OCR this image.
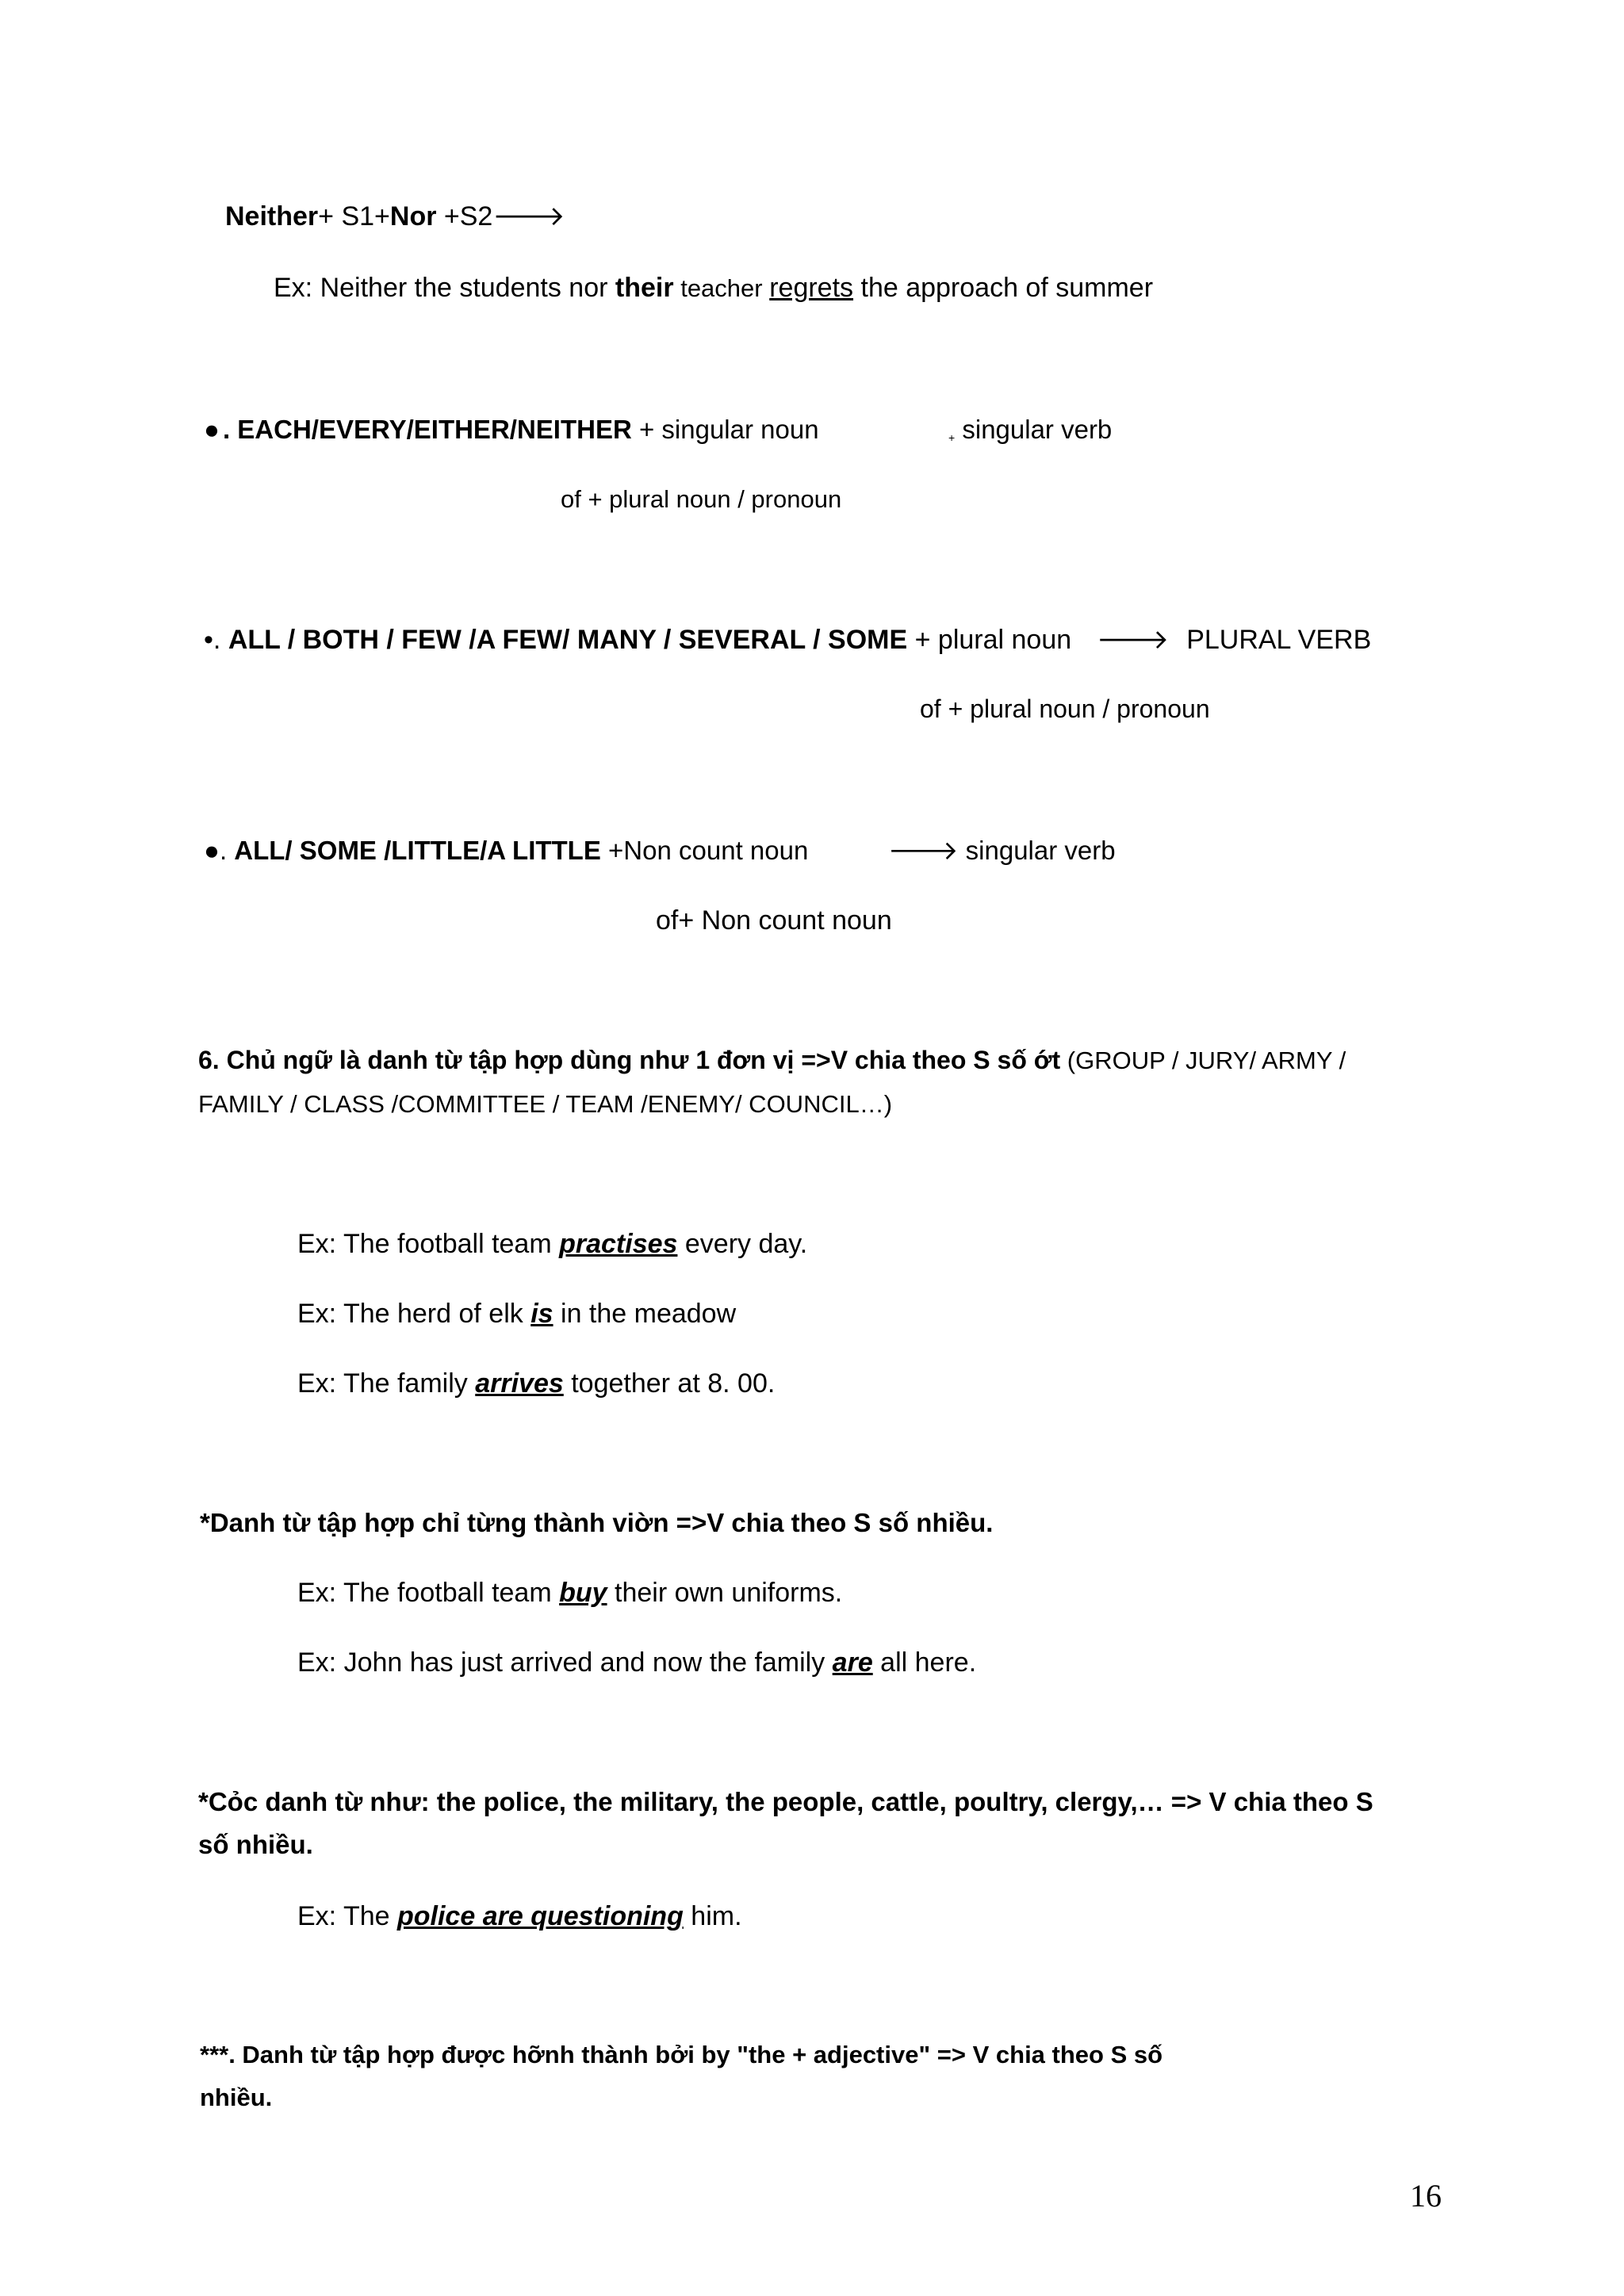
Neither+ S1+Nor +S2🡒
Ex: Neither the students nor their teacher regrets the approach of summer
● . EACH/EVERY/EITHER/NEITHER + singular noun	+ singular verb
of + plural noun / pronoun
•. ALL / BOTH / FEW /A FEW/ MANY / SEVERAL / SOME + plural noun 🡒 PLURAL VERB
of + plural noun / pronoun
●. ALL/ SOME /LITTLE/A LITTLE +Non count noun	🡒 singular verb
of+ Non count noun
6. Chủ ngữ là danh từ tập hợp dùng như 1 đơn vị =>V chia theo S số ớt (GROUP / JURY/ ARMY /
FAMILY / CLASS /COMMITTEE / TEAM /ENEMY/ COUNCIL…)
Ex: The football team practises every day.
Ex: The herd of elk is in the meadow
Ex: The family arrives together at 8. 00.
*Danh từ tập hợp chỉ từng thành viờn =>V chia theo S số nhiều.
Ex: The football team buy their own uniforms.
Ex: John has just arrived and now the family are all here.
*Cỏc danh từ như: the police, the military, the people, cattle, poultry, clergy,… => V chia theo S
số nhiều.
Ex: The police are questioning him.
***. Danh từ tập hợp được hỡnh thành bởi by "the + adjective" => V chia theo S số
nhiều.
16
